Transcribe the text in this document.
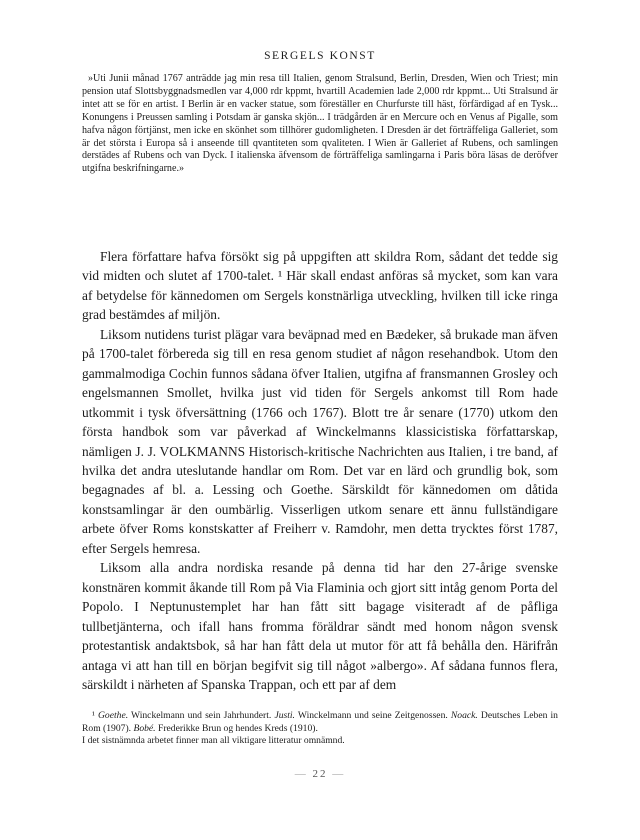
SERGELS KONST
»Uti Junii månad 1767 anträdde jag min resa till Italien, genom Stralsund, Berlin, Dresden, Wien och Triest; min pension utaf Slottsbyggnadsmedlen var 4,000 rdr kppmt, hvartill Academien lade 2,000 rdr kppmt... Uti Stralsund är intet att se för en artist. I Berlin är en vacker statue, som föreställer en Churfurste till häst, förfärdigad af en Tysk... Konungens i Preussen samling i Potsdam är ganska skjön... I trädgården är en Mercure och en Venus af Pigalle, som hafva någon förtjänst, men icke en skönhet som tillhörer gudomligheten. I Dresden är det förträffeliga Galleriet, som är det största i Europa så i anseende till qvantiteten som qvaliteten. I Wien är Galleriet af Rubens, och samlingen derstädes af Rubens och van Dyck. I italienska äfvensom de förträffeliga samlingarna i Paris böra läsas de deröfver utgifna beskrifningarne.»

Flera författare hafva försökt sig på uppgiften att skildra Rom, sådant det tedde sig vid midten och slutet af 1700-talet. ¹ Här skall endast anföras så mycket, som kan vara af betydelse för kännedomen om Sergels konstnärliga utveckling, hvilken till icke ringa grad bestämdes af miljön.

Liksom nutidens turist plägar vara beväpnad med en Bædeker, så brukade man äfven på 1700-talet förbereda sig till en resa genom studiet af någon resehandbok. Utom den gammalmodiga Cochin funnos sådana öfver Italien, utgifna af fransmannen Grosley och engelsmannen Smollet, hvilka just vid tiden för Sergels ankomst till Rom hade utkommit i tysk öfversättning (1766 och 1767). Blott tre år senare (1770) utkom den första handbok som var påverkad af Winckelmanns klassicistiska författarskap, nämligen J. J. VOLKMANNS Historisch-kritische Nachrichten aus Italien, i tre band, af hvilka det andra uteslutande handlar om Rom. Det var en lärd och grundlig bok, som begagnades af bl. a. Lessing och Goethe. Särskildt för kännedomen om dåtida konstsamlingar är den oumbärlig. Visserligen utkom senare ett ännu fullständigare arbete öfver Roms konstskatter af Freiherr v. Ramdohr, men detta trycktes först 1787, efter Sergels hemresa.

Liksom alla andra nordiska resande på denna tid har den 27-årige svenske konstnären kommit åkande till Rom på Via Flaminia och gjort sitt intåg genom Porta del Popolo. I Neptunustemplet har han fått sitt bagage visiteradt af de påfliga tullbetjänterna, och ifall hans fromma föräldrar sändt med honom någon svensk protestantisk andaktsbok, så har han fått dela ut mutor för att få behålla den. Härifrån antaga vi att han till en början begifvit sig till något »albergo». Af sådana funnos flera, särskildt i närheten af Spanska Trappan, och ett par af dem

¹ Goethe. Winckelmann und sein Jahrhundert. Justi. Winckelmann und seine Zeitgenossen. Noack. Deutsches Leben in Rom (1907). Bobé. Frederikke Brun og hendes Kreds (1910).

I det sistnämnda arbetet finner man all viktigare litteratur omnämnd.

— 22 —
